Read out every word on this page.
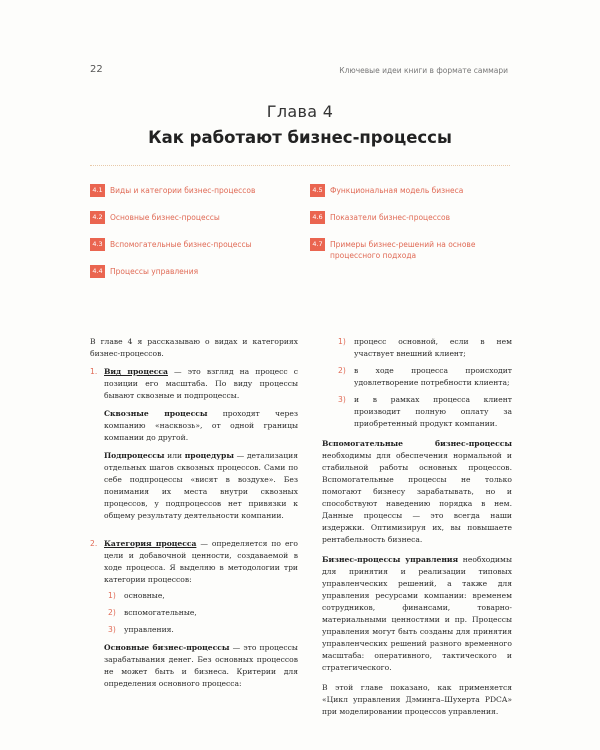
22	Ключевые идеи книги в формате саммари
Глава 4
Как работают бизнес-процессы
4.1 Виды и категории бизнес-процессов
4.2 Основные бизнес-процессы
4.3 Вспомогательные бизнес-процессы
4.4 Процессы управления
4.5 Функциональная модель бизнеса
4.6 Показатели бизнес-процессов
4.7 Примеры бизнес-решений на основе процессного подхода

В главе 4 я рассказываю о видах и категориях бизнес-процессов.

1. Вид процесса — это взгляд на процесс с позиции его масштаба. По виду процессы бывают сквозные и подпроцессы.

Сквозные процессы проходят через компанию «насквозь», от одной границы компании до другой.

Подпроцессы или процедуры — детализация отдельных шагов сквозных процессов. Сами по себе подпроцессы «висят в воздухе». Без понимания их места внутри сквозных процессов, у подпроцессов нет привязки к общему результату деятельности компании.

2. Категория процесса — определяется по его цели и добавочной ценности, создаваемой в ходе процесса. Я выделяю в методологии три категории процессов:

1)	основные,
2)	вспомогательные,
3)	управления.

Основные бизнес-процессы — это процессы зарабатывания денег. Без основных процессов не может быть и бизнеса. Критерии для определения основного процесса:

1)	процесс основной, если в нем участвует внешний клиент;
2)	в ходе процесса происходит удовлетворение потребности клиента;
3)	и в рамках процесса клиент производит полную оплату за приобретенный продукт компании.

Вспомогательные бизнес-процессы необходимы для обеспечения нормальной и стабильной работы основных процессов. Вспомогательные процессы не только помогают бизнесу зарабатывать, но и способствуют наведению порядка в нем. Данные процессы — это всегда наши издержки. Оптимизируя их, вы повышаете рентабельность бизнеса.

Бизнес-процессы управления необходимы для принятия и реализации типовых управленческих решений, а также для управления ресурсами компании: временем сотрудников, финансами, товарно-материальными ценностями и пр. Процессы управления могут быть созданы для принятия управленческих решений разного временного масштаба: оперативного, тактического и стратегического.

В этой главе показано, как применяется «Цикл управления Дэминга–Шухерта PDCA» при моделировании процессов управления.
